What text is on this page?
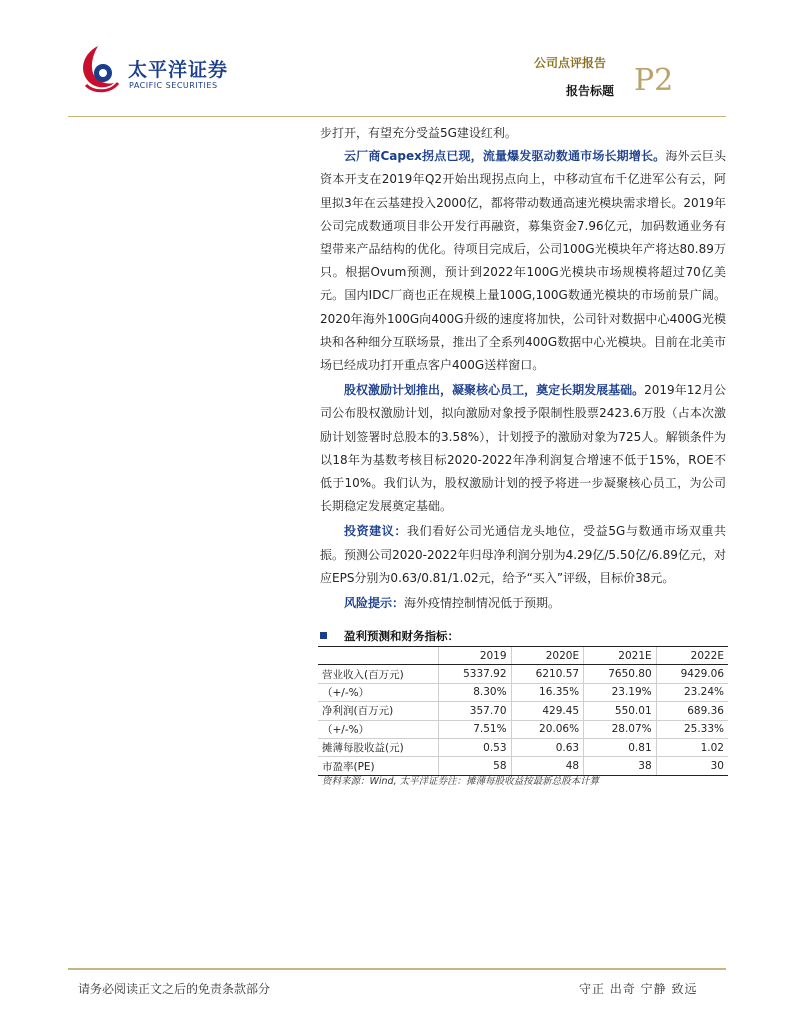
太平洋证券
PACIFIC SECURITIES
公司点评报告 P2
报告标题

步打开，有望充分受益5G建设红利。

云厂商Capex拐点已现，流量爆发驱动数通市场长期增长。海外云巨头资本开支在2019年Q2开始出现拐点向上，中移动宣布千亿进军公有云，阿里拟3年在云基建投入2000亿，都将带动数通高速光模块需求增长。2019年公司完成数通项目非公开发行再融资，募集资金7.96亿元，加码数通业务有望带来产品结构的优化。待项目完成后，公司100G光模块年产将达80.89万只。根据Ovum预测，预计到2022年100G光模块市场规模将超过70亿美元。国内IDC厂商也正在规模上量100G,100G数通光模块的市场前景广阔。2020年海外100G向400G升级的速度将加快，公司针对数据中心400G光模块和各种细分互联场景，推出了全系列400G数据中心光模块。目前在北美市场已经成功打开重点客户400G送样窗口。

股权激励计划推出，凝聚核心员工，奠定长期发展基础。2019年12月公司公布股权激励计划，拟向激励对象授予限制性股票2423.6万股（占本次激励计划签署时总股本的3.58%），计划授予的激励对象为725人。解锁条件为以18年为基数考核目标2020-2022年净利润复合增速不低于15%，ROE不低于10%。我们认为，股权激励计划的授予将进一步凝聚核心员工，为公司长期稳定发展奠定基础。

投资建议：我们看好公司光通信龙头地位，受益5G与数通市场双重共振。预测公司2020-2022年归母净利润分别为4.29亿/5.50亿/6.89亿元，对应EPS分别为0.63/0.81/1.02元，给予“买入”评级，目标价38元。

风险提示：海外疫情控制情况低于预期。

盈利预测和财务指标：
	2019	2020E	2021E	2022E
营业收入(百万元)	5337.92	6210.57	7650.80	9429.06
（+/-%）	8.30%	16.35%	23.19%	23.24%
净利润(百万元)	357.70	429.45	550.01	689.36
（+/-%）	7.51%	20.06%	28.07%	25.33%
摊薄每股收益(元)	0.53	0.63	0.81	1.02
市盈率(PE)	58	48	38	30
资料来源：Wind, 太平洋证券注：摊薄每股收益按最新总股本计算
请务必阅读正文之后的免责条款部分	守正 出奇 宁静 致远
